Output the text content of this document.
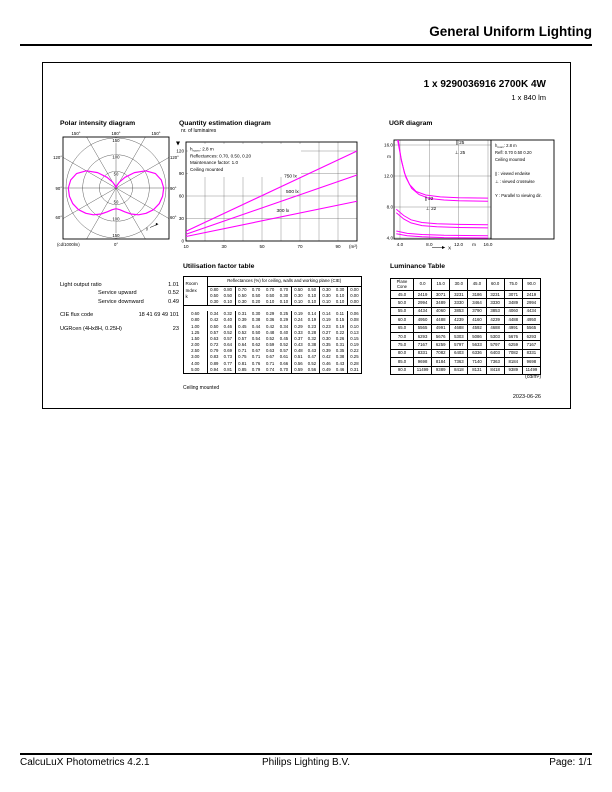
General Uniform Lighting
1 x 9290036916 2700K 4W
1 x 840 lm
Polar intensity diagram
150
100
50
50
100
150
150°	180°	150°
120°	120°
90°	90°
60°	60°
0°
(cd/1000lm)
γ
Quantity estimation diagram
nr. of luminaires
10	30	50	70	90 (m²)
0
30
60
90
120 $h_{room}$: 2.8 m
Reflectances: 0.70, 0.50, 0.20
Maintenance factor: 1.0
Ceiling mounted
750 lx
500 lx
300 lx
UGR diagram
16.0
12.0
8.0
4.0
m
4.0	8.0	12.0	16.0
m
X
∥ 25
⊥ 25
∥ 22
⊥ 22
$h_{room}$: 2.8 m
Refl: 0.70 0.50 0.20
Ceiling mounted
∥ : viewed endwise
⊥ : viewed crosswise
Y : Parallel to viewing dir.
Light output ratio	1.01
Service upward	0.52
Service downward	0.49
CIE flux code	18 41 69 49 101
UGRcen (4Hx8H, 0.25H)	23
Utilisation factor table
Room
Index
k	Reflectances (%) for ceiling, walls and working plane (CIE)										
	0.80	0.80	0.70	0.70	0.70	0.70	0.50	0.50	0.30	0.30	0.00
	0.50	0.50	0.50	0.50	0.50	0.30	0.30	0.10	0.30	0.10	0.00
	0.30	0.10	0.30	0.20	0.10	0.10	0.10	0.10	0.10	0.10	0.00

0.60	0.34	0.32	0.31	0.30	0.29	0.25	0.19	0.14	0.14	0.11	0.06
0.80	0.42	0.40	0.39	0.38	0.36	0.29	0.24	0.19	0.19	0.15	0.08
1.00	0.50	0.46	0.45	0.44	0.42	0.34	0.29	0.23	0.23	0.19	0.10
1.25	0.57	0.52	0.52	0.50	0.48	0.40	0.33	0.28	0.27	0.22	0.13
1.50	0.63	0.57	0.57	0.54	0.52	0.45	0.37	0.32	0.30	0.26	0.15
2.00	0.72	0.64	0.64	0.62	0.59	0.52	0.43	0.38	0.35	0.31	0.19
2.50	0.79	0.69	0.71	0.67	0.63	0.57	0.48	0.43	0.39	0.35	0.22
3.00	0.83	0.73	0.75	0.71	0.67	0.61	0.51	0.47	0.42	0.38	0.25
4.00	0.89	0.77	0.81	0.76	0.71	0.66	0.56	0.52	0.46	0.43	0.28
5.00	0.94	0.81	0.85	0.79	0.74	0.70	0.59	0.56	0.49	0.46	0.31
Ceiling mounted
Luminance Table
Plane
Cone	0.0	15.0	30.0	45.0	60.0	75.0	90.0
45.0	2419	3071	3231	3186	3231	3071	2419
50.0	2994	3489	3330	3464	3330	3489	2994
55.0	4434	4060	3853	3790	3853	4060	4434
60.0	4950	4488	4239	4160	4239	4488	4950
65.0	5565	4991	4688	4592	4688	4991	5565
70.0	6293	5676	5303	5086	5303	5676	6293
75.0	7167	6259	5797	5633	5797	6259	7167
80.0	8331	7082	6403	6336	6403	7082	8331
85.0	9698	8184	7363	7140	7363	8184	9698
90.0	11499	9389	8418	8131	8418	9389	11499
(cd/m²)
2023-06-26
CalcuLuX Photometrics 4.2.1	Philips Lighting B.V.	Page: 1/1
